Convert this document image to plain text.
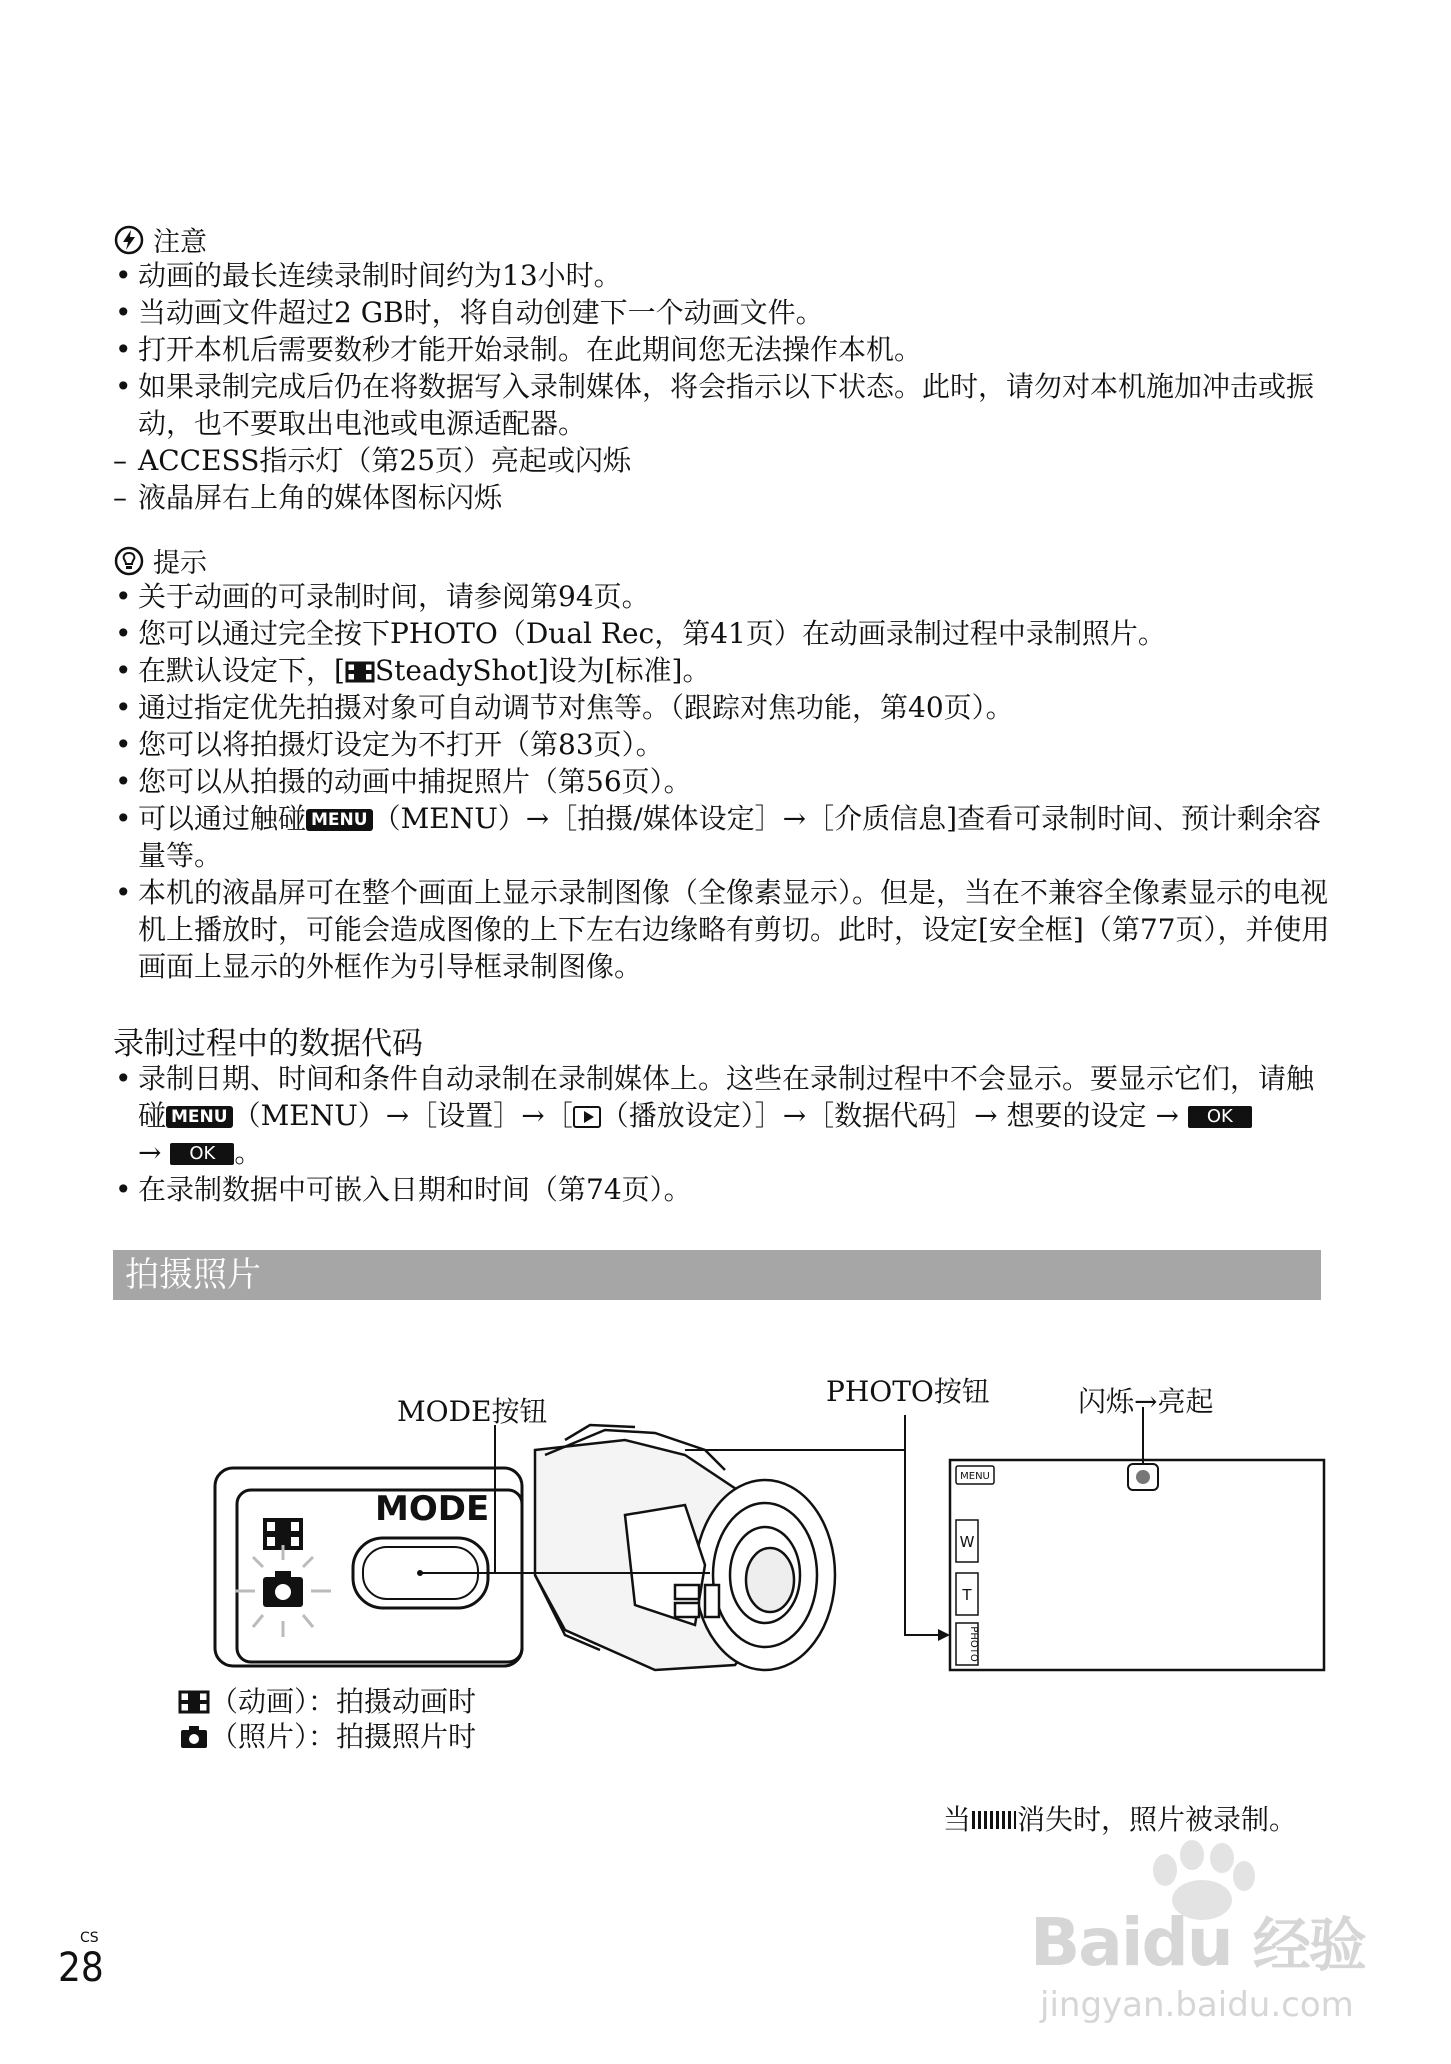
注意
• 动画的最长连续录制时间约为13小时。
• 当动画文件超过2 GB时，将自动创建下一个动画文件。
• 打开本机后需要数秒才能开始录制。在此期间您无法操作本机。
• 如果录制完成后仍在将数据写入录制媒体，将会指示以下状态。此时，请勿对本机施加冲击或振动，也不要取出电池或电源适配器。
– ACCESS指示灯（第25页）亮起或闪烁
– 液晶屏右上角的媒体图标闪烁
提示
• 关于动画的可录制时间，请参阅第94页。
• 您可以通过完全按下PHOTO（Dual Rec，第41页）在动画录制过程中录制照片。
• 在默认设定下，[ SteadyShot]设为[标准]。
• 通过指定优先拍摄对象可自动调节对焦等。（跟踪对焦功能，第40页）。
• 您可以将拍摄灯设定为不打开（第83页）。
• 您可以从拍摄的动画中捕捉照片（第56页）。
• 可以通过触碰 MENU （MENU）→［拍摄/媒体设定］→［介质信息]查看可录制时间、预计剩余容量等。
• 本机的液晶屏可在整个画面上显示录制图像（全像素显示）。但是，当在不兼容全像素显示的电视机上播放时，可能会造成图像的上下左右边缘略有剪切。此时，设定[安全框]（第77页），并使用画面上显示的外框作为引导框录制图像。
录制过程中的数据代码
• 录制日期、时间和条件自动录制在录制媒体上。这些在录制过程中不会显示。要显示它们，请触碰 MENU （MENU）→［设置］→［ （播放设定）］→［数据代码］→ 想要的设定 → OK
→ OK 。
• 在录制数据中可嵌入日期和时间（第74页）。
拍摄照片
MODE按钮
PHOTO按钮	闪烁→亮起
MODE
MENU
W
T
PHOTO
（动画）：拍摄动画时
（照片）：拍摄照片时
当 消失时，照片被录制。
Baidu 经验
jingyan.baidu.com
CS
28
